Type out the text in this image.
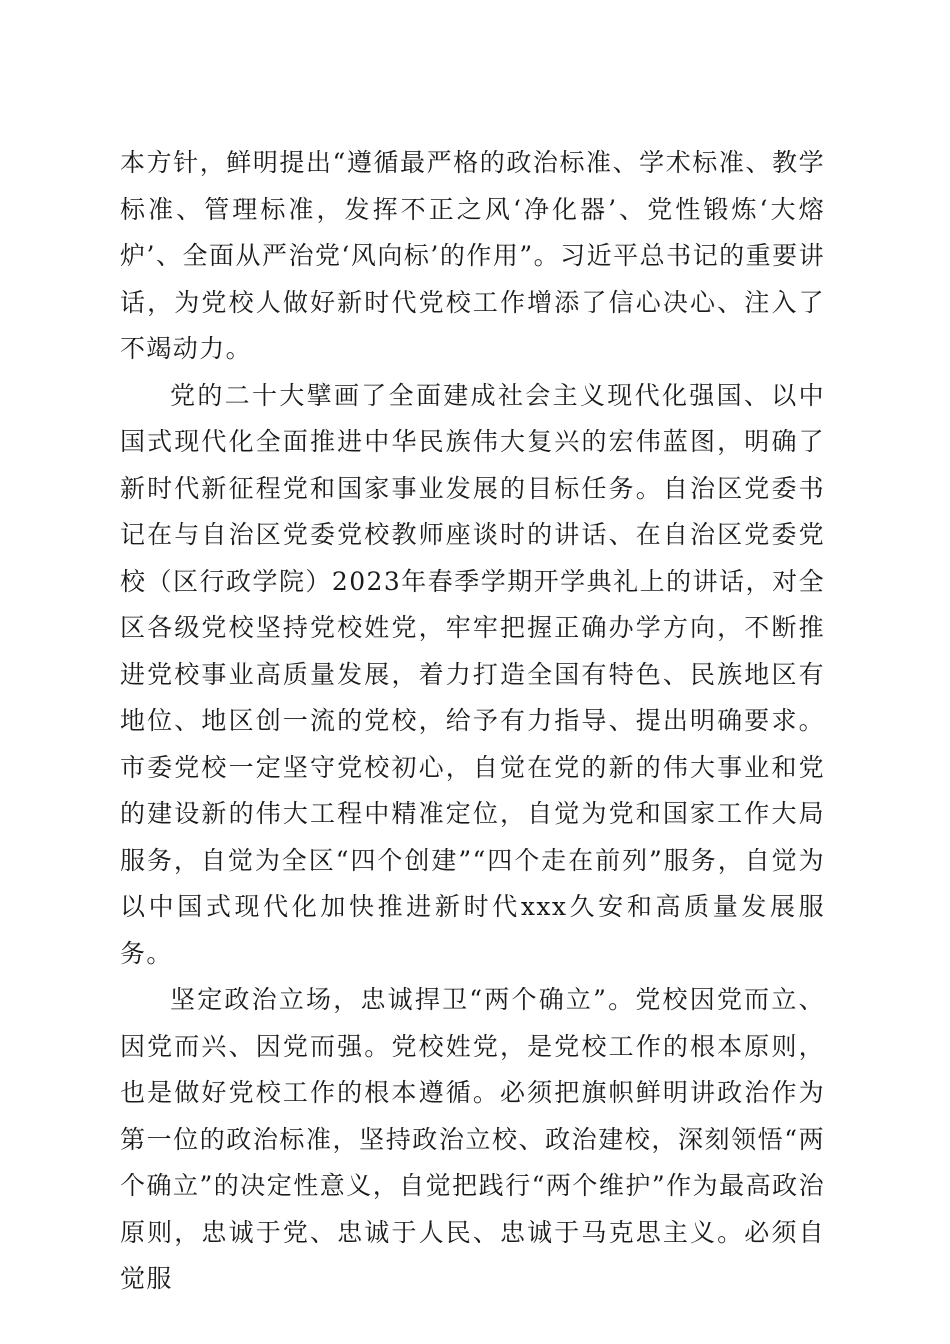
本方针，鲜明提出“遵循最严格的政治标准、学术标准、教学标准、管理标准，发挥不正之风‘净化器’、党性锻炼‘大熔炉’、全面从严治党‘风向标’的作用”。习近平总书记的重要讲话，为党校人做好新时代党校工作增添了信心决心、注入了不竭动力。

党的二十大擘画了全面建成社会主义现代化强国、以中国式现代化全面推进中华民族伟大复兴的宏伟蓝图，明确了新时代新征程党和国家事业发展的目标任务。自治区党委书记在与自治区党委党校教师座谈时的讲话、在自治区党委党校（区行政学院）2023年春季学期开学典礼上的讲话，对全区各级党校坚持党校姓党，牢牢把握正确办学方向，不断推进党校事业高质量发展，着力打造全国有特色、民族地区有地位、地区创一流的党校，给予有力指导、提出明确要求。市委党校一定坚守党校初心，自觉在党的新的伟大事业和党的建设新的伟大工程中精准定位，自觉为党和国家工作大局服务，自觉为全区“四个创建”“四个走在前列”服务，自觉为以中国式现代化加快推进新时代xxx久安和高质量发展服务。

坚定政治立场，忠诚捍卫“两个确立”。党校因党而立、因党而兴、因党而强。党校姓党，是党校工作的根本原则，也是做好党校工作的根本遵循。必须把旗帜鲜明讲政治作为第一位的政治标准，坚持政治立校、政治建校，深刻领悟“两个确立”的决定性意义，自觉把践行“两个维护”作为最高政治原则，忠诚于党、忠诚于人民、忠诚于马克思主义。必须自觉服
